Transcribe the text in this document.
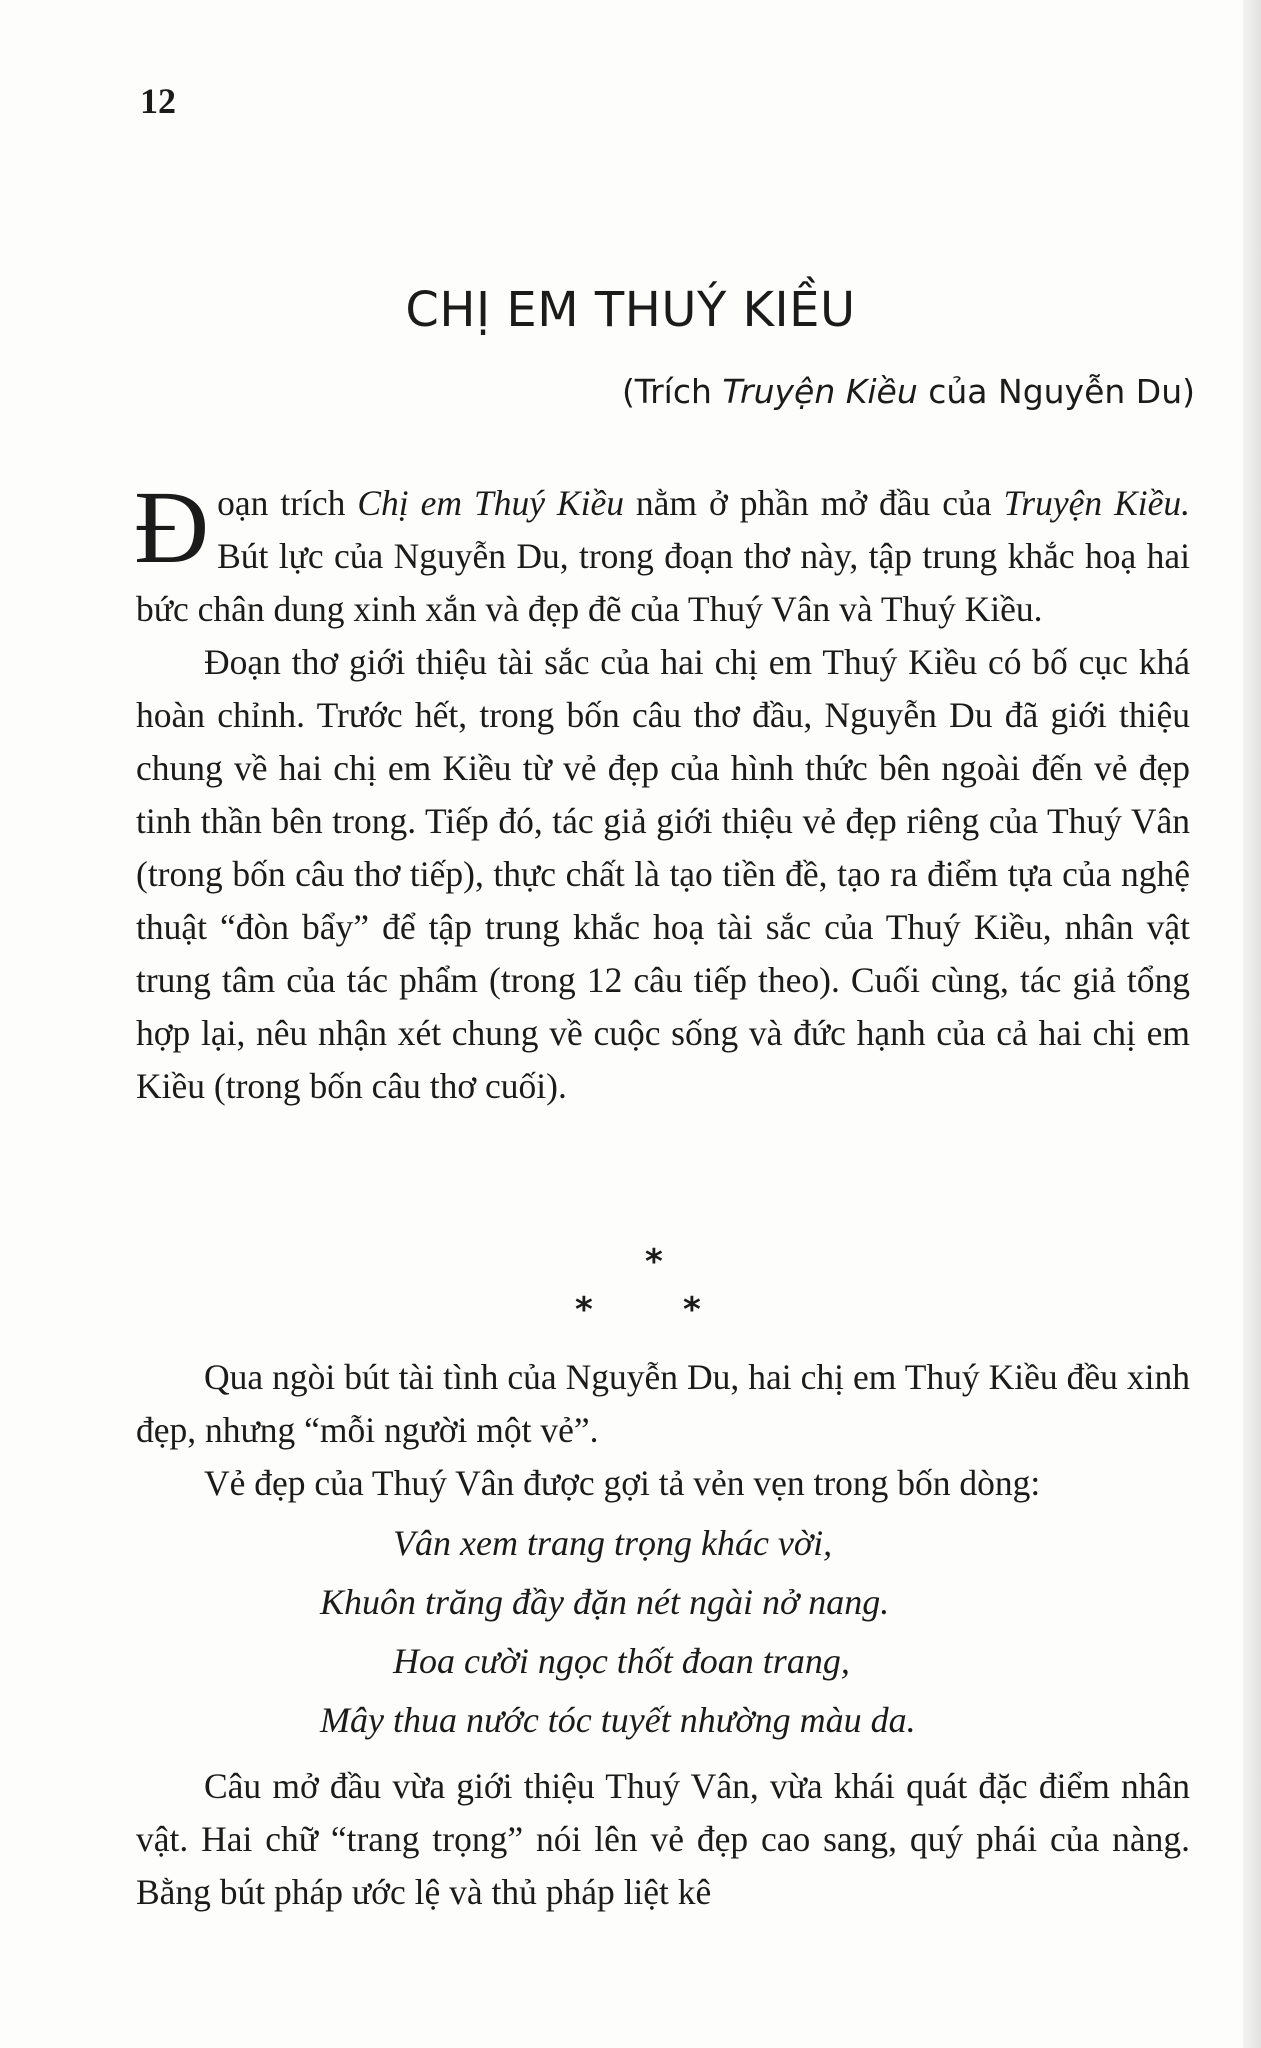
12
CHỊ EM THUÝ KIỀU
(Trích Truyện Kiều của Nguyễn Du)

Đoạn trích Chị em Thuý Kiều nằm ở phần mở đầu của Truyện Kiều. Bút lực của Nguyễn Du, trong đoạn thơ này, tập trung khắc hoạ hai bức chân dung xinh xắn và đẹp đẽ của Thuý Vân và Thuý Kiều.

Đoạn thơ giới thiệu tài sắc của hai chị em Thuý Kiều có bố cục khá hoàn chỉnh. Trước hết, trong bốn câu thơ đầu, Nguyễn Du đã giới thiệu chung về hai chị em Kiều từ vẻ đẹp của hình thức bên ngoài đến vẻ đẹp tinh thần bên trong. Tiếp đó, tác giả giới thiệu vẻ đẹp riêng của Thuý Vân (trong bốn câu thơ tiếp), thực chất là tạo tiền đề, tạo ra điểm tựa của nghệ thuật “đòn bẩy” để tập trung khắc hoạ tài sắc của Thuý Kiều, nhân vật trung tâm của tác phẩm (trong 12 câu tiếp theo). Cuối cùng, tác giả tổng hợp lại, nêu nhận xét chung về cuộc sống và đức hạnh của cả hai chị em Kiều (trong bốn câu thơ cuối).

*
*	*

Qua ngòi bút tài tình của Nguyễn Du, hai chị em Thuý Kiều đều xinh đẹp, nhưng “mỗi người một vẻ”.

Vẻ đẹp của Thuý Vân được gợi tả vẻn vẹn trong bốn dòng:

Vân xem trang trọng khác vời,
Khuôn trăng đầy đặn nét ngài nở nang.
Hoa cười ngọc thốt đoan trang,
Mây thua nước tóc tuyết nhường màu da.

Câu mở đầu vừa giới thiệu Thuý Vân, vừa khái quát đặc điểm nhân vật. Hai chữ “trang trọng” nói lên vẻ đẹp cao sang, quý phái của nàng. Bằng bút pháp ước lệ và thủ pháp liệt kê
